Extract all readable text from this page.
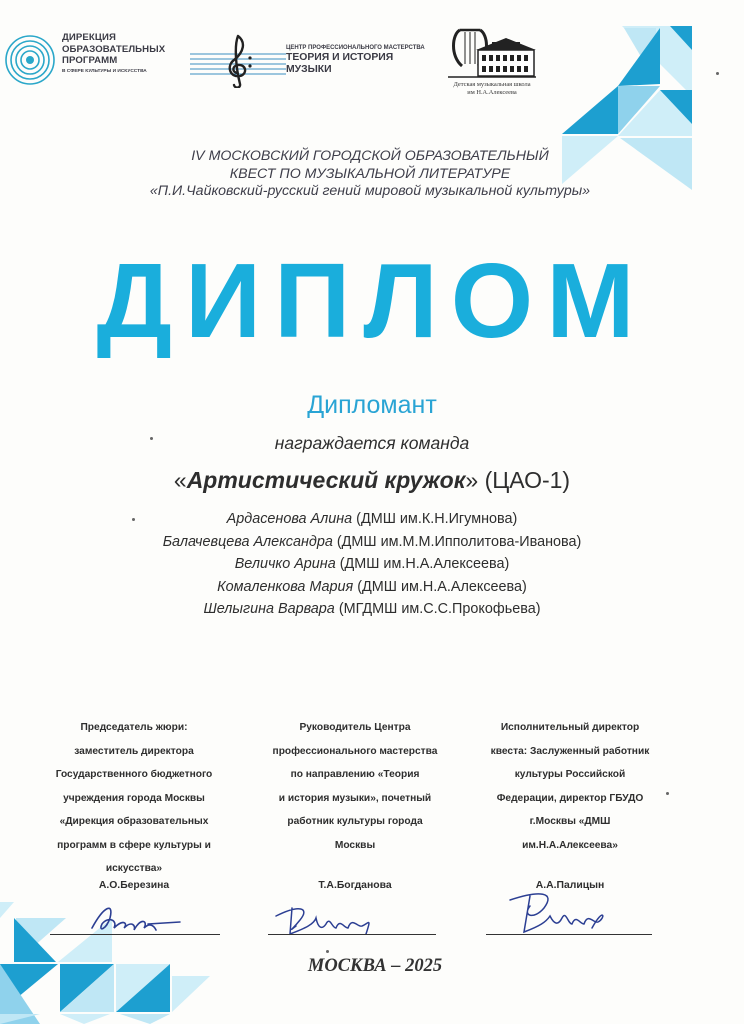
ДИРЕКЦИЯ
ОБРАЗОВАТЕЛЬНЫХ
ПРОГРАММ
В СФЕРЕ КУЛЬТУРЫ И ИСКУССТВА
ЦЕНТР ПРОФЕССИОНАЛЬНОГО МАСТЕРСТВА
ТЕОРИЯ И ИСТОРИЯ
МУЗЫКИ
Детская музыкальная школа
им Н.А.Алексеева
IV МОСКОВСКИЙ ГОРОДСКОЙ ОБРАЗОВАТЕЛЬНЫЙ
КВЕСТ ПО МУЗЫКАЛЬНОЙ ЛИТЕРАТУРЕ
«П.И.Чайковский-русский гений мировой музыкальной культуры»
ДИПЛОМ
Дипломант
награждается команда
«Артистический кружок» (ЦАО-1)
Ардасенова Алина (ДМШ им.К.Н.Игумнова)
Балачевцева Александра (ДМШ им.М.М.Ипполитова-Иванова)
Величко Арина (ДМШ им.Н.А.Алексеева)
Комаленкова Мария (ДМШ им.Н.А.Алексеева)
Шелыгина Варвара (МГДМШ им.С.С.Прокофьева)
Председатель жюри:
заместитель директора
Государственного бюджетного
учреждения города Москвы
«Дирекция образовательных
программ в сфере культуры и
искусства»
Руководитель Центра
профессионального мастерства
по направлению «Теория
и история музыки», почетный
работник культуры города
Москвы
Исполнительный директор
квеста: Заслуженный работник
культуры Российской
Федерации, директор ГБУДО
г.Москвы «ДМШ
им.Н.А.Алексеева»
А.О.Березина	Т.А.Богданова	А.А.Палицын
МОСКВА – 2025
